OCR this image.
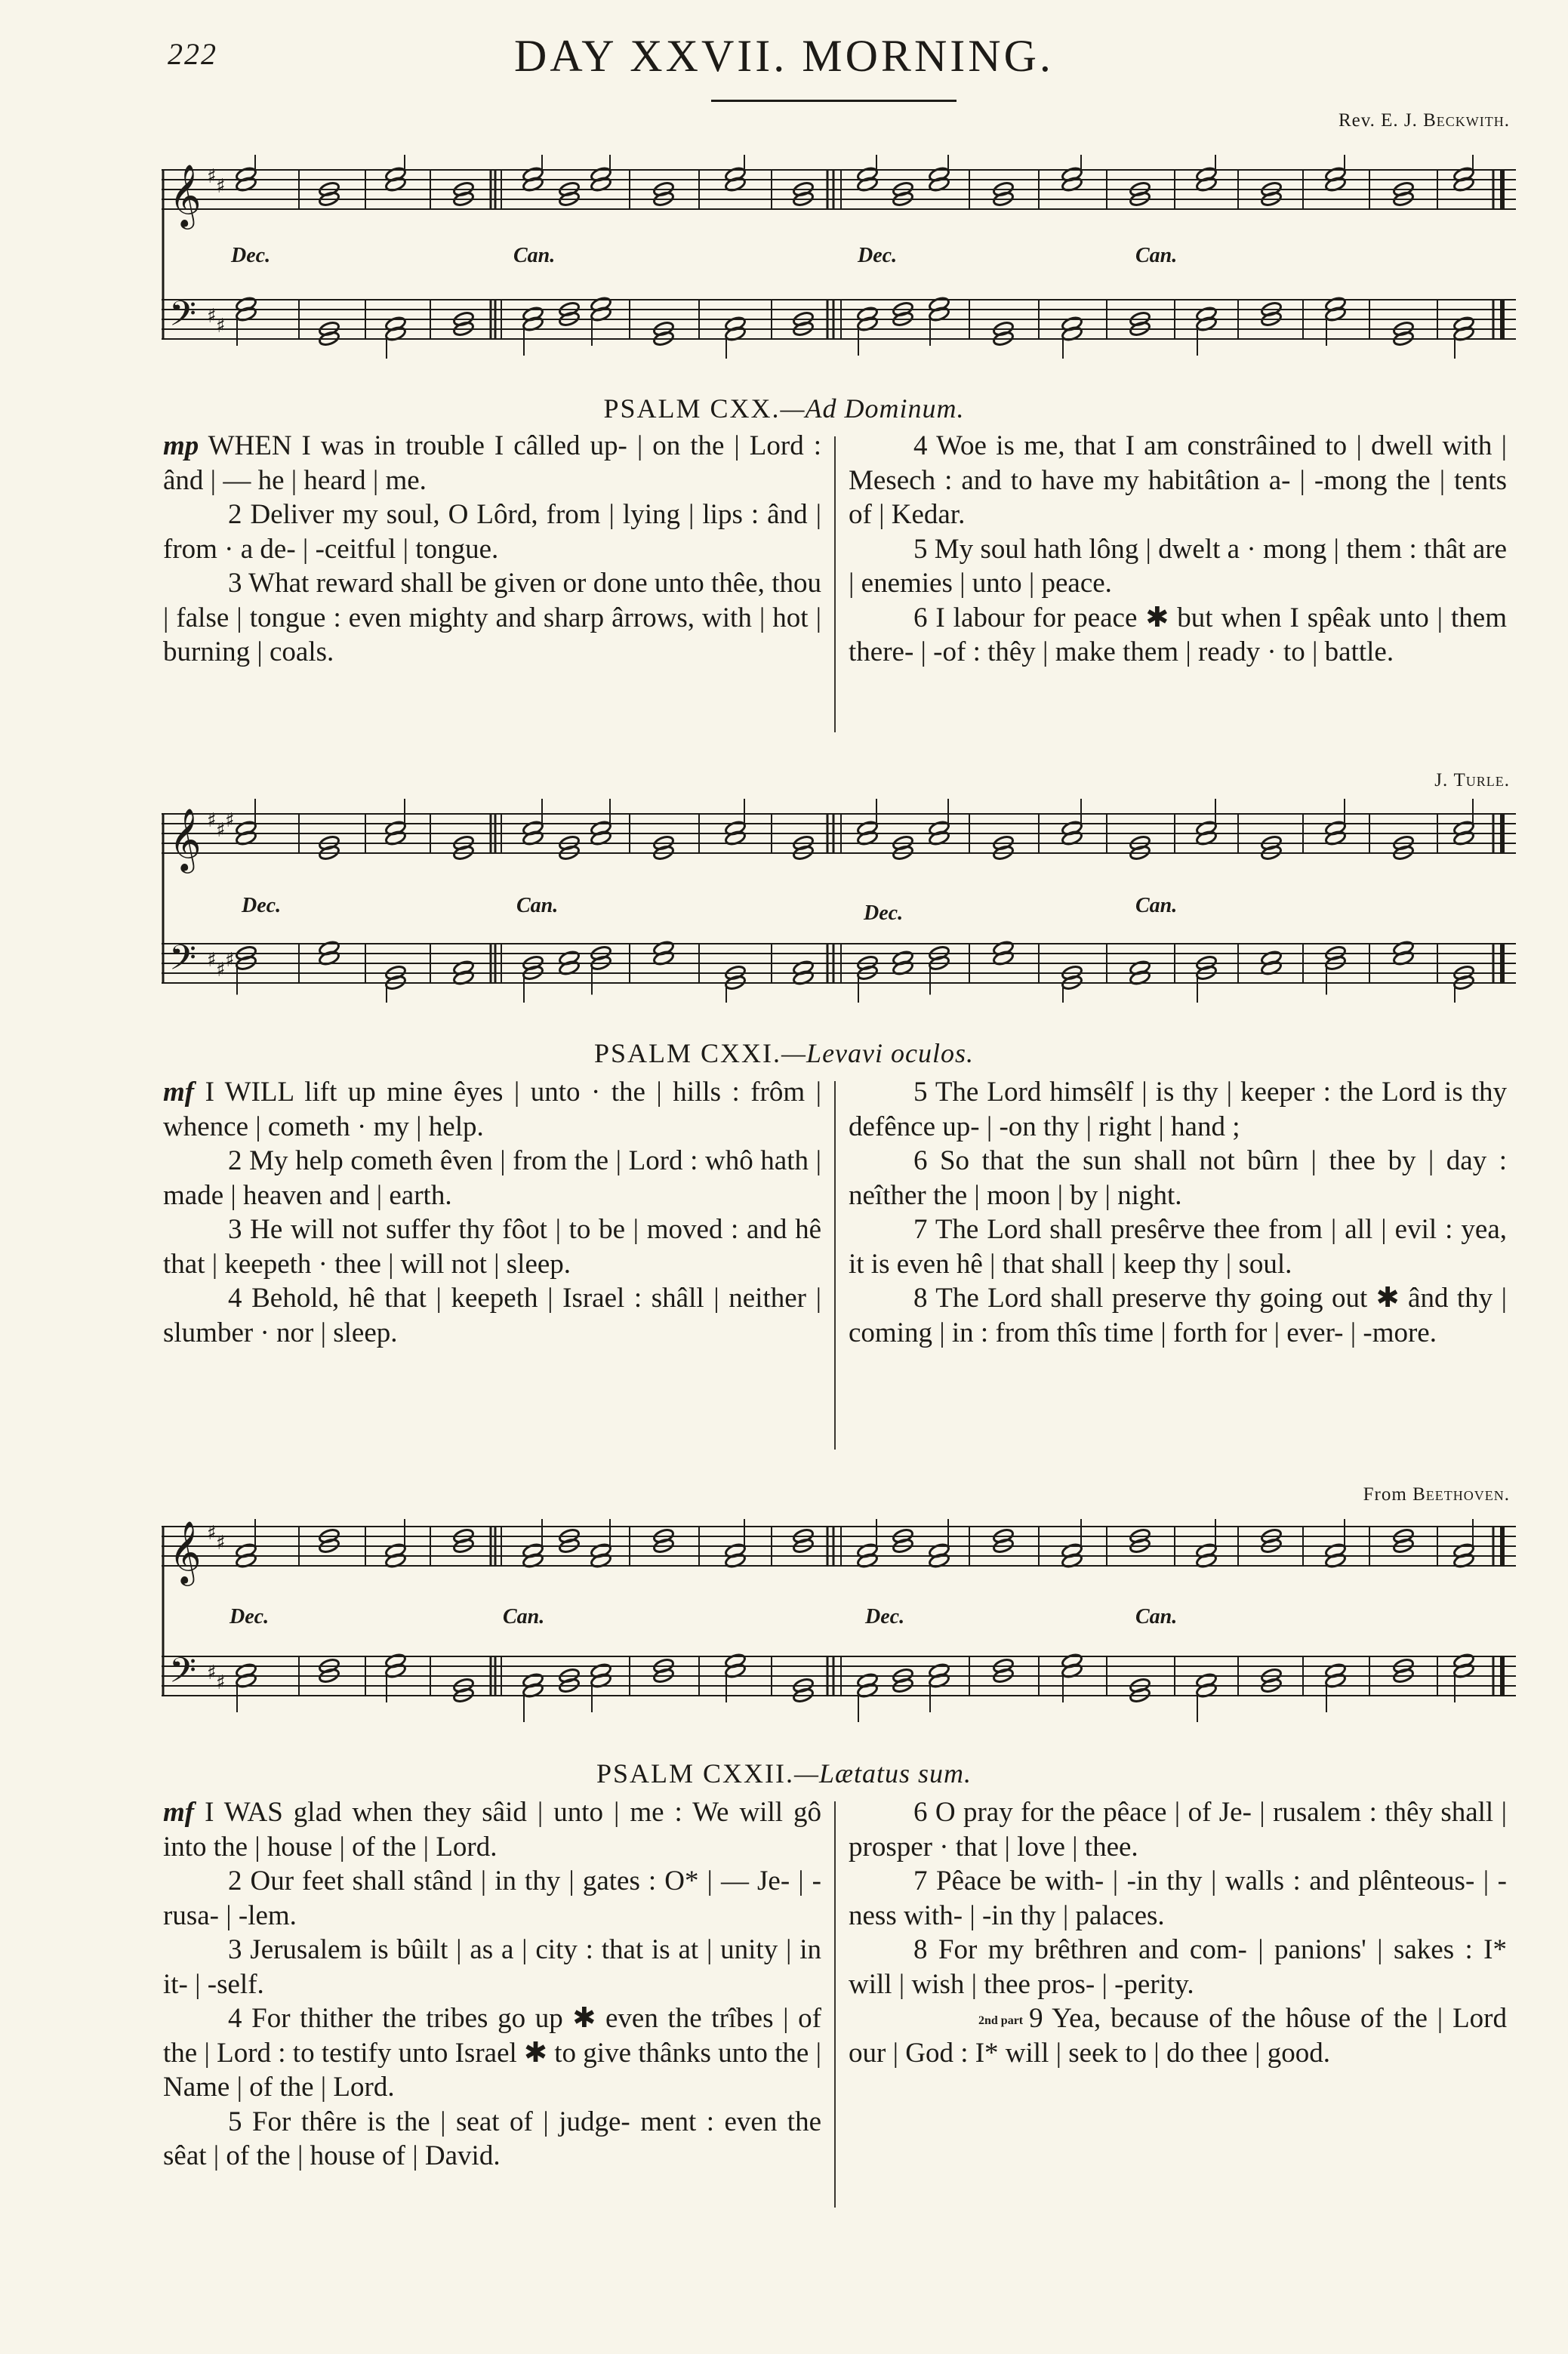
222	DAY XXVII. MORNING.
Rev. E. J. Beckwith.
𝄞
𝄢
♯
♯
♯
♯
Dec.	Can.	Dec.	Can.
PSALM CXX.—Ad Dominum.

mp WHEN I was in trouble I câlled up- | on the | Lord : ând | — he | heard | me.

2 Deliver my soul, O Lôrd, from | lying | lips : ând | from · a de- | -ceitful | tongue.

3 What reward shall be given or done unto thêe, thou | false | tongue : even mighty and sharp ârrows, with | hot | burning | coals.

4 Woe is me, that I am constrâined to | dwell with | Mesech : and to have my habitâtion a- | -mong the | tents of | Kedar.

5 My soul hath lông | dwelt a · mong | them : thât are | enemies | unto | peace.

6 I labour for peace ✱ but when I spêak unto | them there- | -of : thêy | make them | ready · to | battle.

J. Turle.
𝄞
𝄢
♯
♯
♯
♯
♯
♯
Dec.	Can.	Dec.	Can.
PSALM CXXI.—Levavi oculos.

mf I WILL lift up mine êyes | unto · the | hills : frôm | whence | cometh · my | help.

2 My help cometh êven | from the | Lord : whô hath | made | heaven and | earth.

3 He will not suffer thy fôot | to be | moved : and hê that | keepeth · thee | will not | sleep.

4 Behold, hê that | keepeth | Israel : shâll | neither | slumber · nor | sleep.

5 The Lord himsêlf | is thy | keeper : the Lord is thy defênce up- | -on thy | right | hand ;

6 So that the sun shall not bûrn | thee by | day : neîther the | moon | by | night.

7 The Lord shall presêrve thee from | all | evil : yea, it is even hê | that shall | keep thy | soul.

8 The Lord shall preserve thy going out ✱ ând thy | coming | in : from thîs time | forth for | ever- | -more.

From Beethoven.
𝄞
𝄢
♯
♯
♯
♯
Dec.	Can.	Dec.	Can.
PSALM CXXII.—Lætatus sum.

mf I WAS glad when they sâid | unto | me : We will gô into the | house | of the | Lord.

2 Our feet shall stând | in thy | gates : O* | — Je- | -rusa- | -lem.

3 Jerusalem is bûilt | as a | city : that is at | unity | in it- | -self.

4 For thither the tribes go up ✱ even the trîbes | of the | Lord : to testify unto Israel ✱ to give thânks unto the | Name | of the | Lord.

5 For thêre is the | seat of | judge- ment : even the sêat | of the | house of | David.

6 O pray for the pêace | of Je- | rusalem : thêy shall | prosper · that | love | thee.

7 Pêace be with- | -in thy | walls : and plênteous- | -ness with- | -in thy | palaces.

8 For my brêthren and com- | panions' | sakes : I* will | wish | thee pros- | -perity.

2nd part 9 Yea, because of the hôuse of the | Lord our | God : I* will | seek to | do thee | good.
